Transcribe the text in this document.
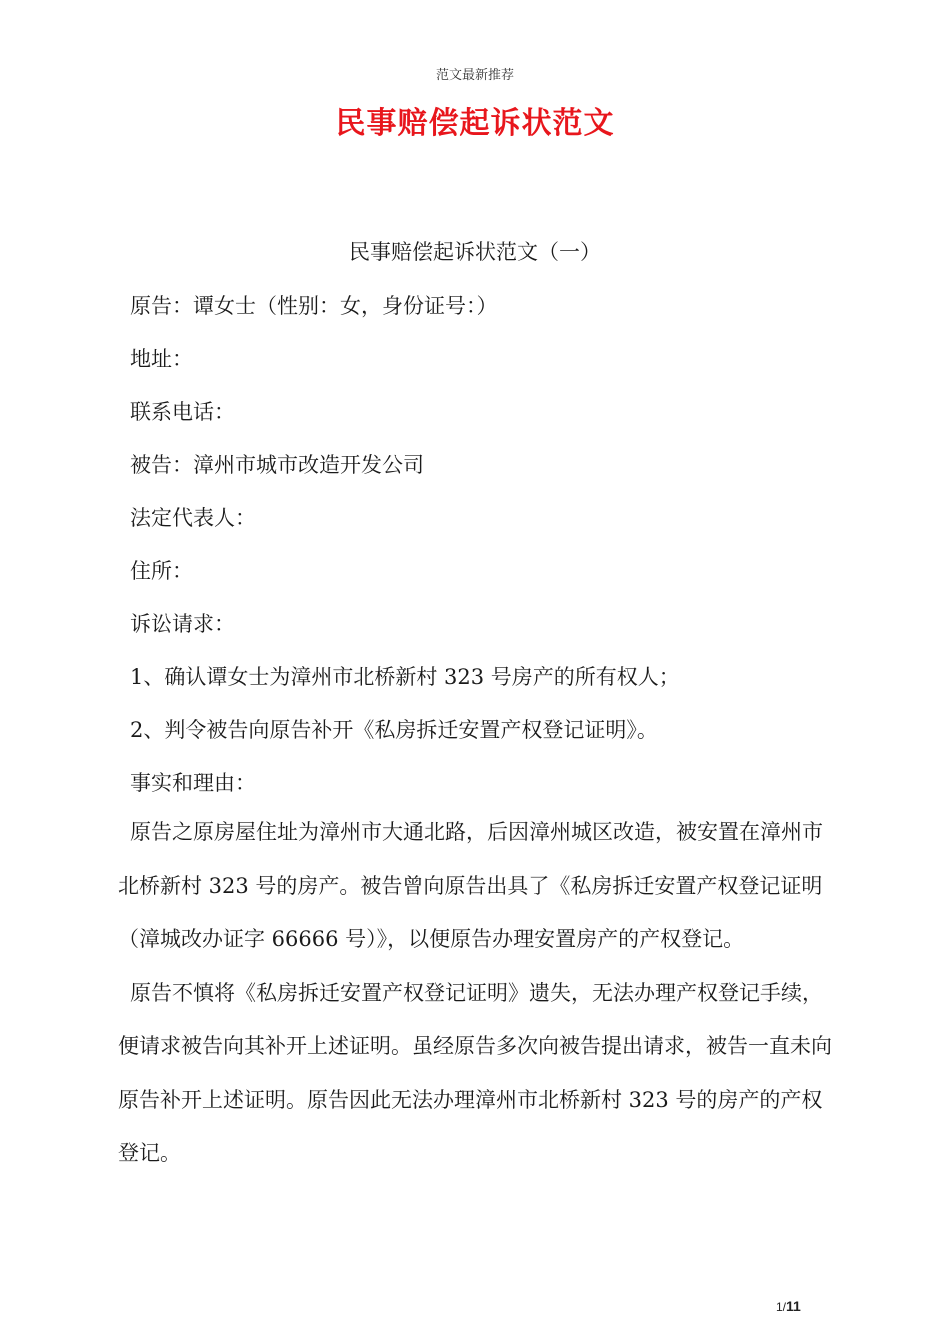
范文最新推荐
民事赔偿起诉状范文
民事赔偿起诉状范文（一）
原告：谭女士（性别：女，身份证号：）
地址：
联系电话：
被告：漳州市城市改造开发公司
法定代表人：
住所：
诉讼请求：
1、确认谭女士为漳州市北桥新村 323 号房产的所有权人；
2、判令被告向原告补开《私房拆迁安置产权登记证明》。
事实和理由：

原告之原房屋住址为漳州市大通北路，后因漳州城区改造，被安置在漳州市北桥新村 323 号的房产。被告曾向原告出具了《私房拆迁安置产权登记证明（漳城改办证字 66666 号）》，以便原告办理安置房产的产权登记。

原告不慎将《私房拆迁安置产权登记证明》遗失，无法办理产权登记手续，便请求被告向其补开上述证明。虽经原告多次向被告提出请求，被告一直未向原告补开上述证明。原告因此无法办理漳州市北桥新村 323 号的房产的产权登记。

1/11
